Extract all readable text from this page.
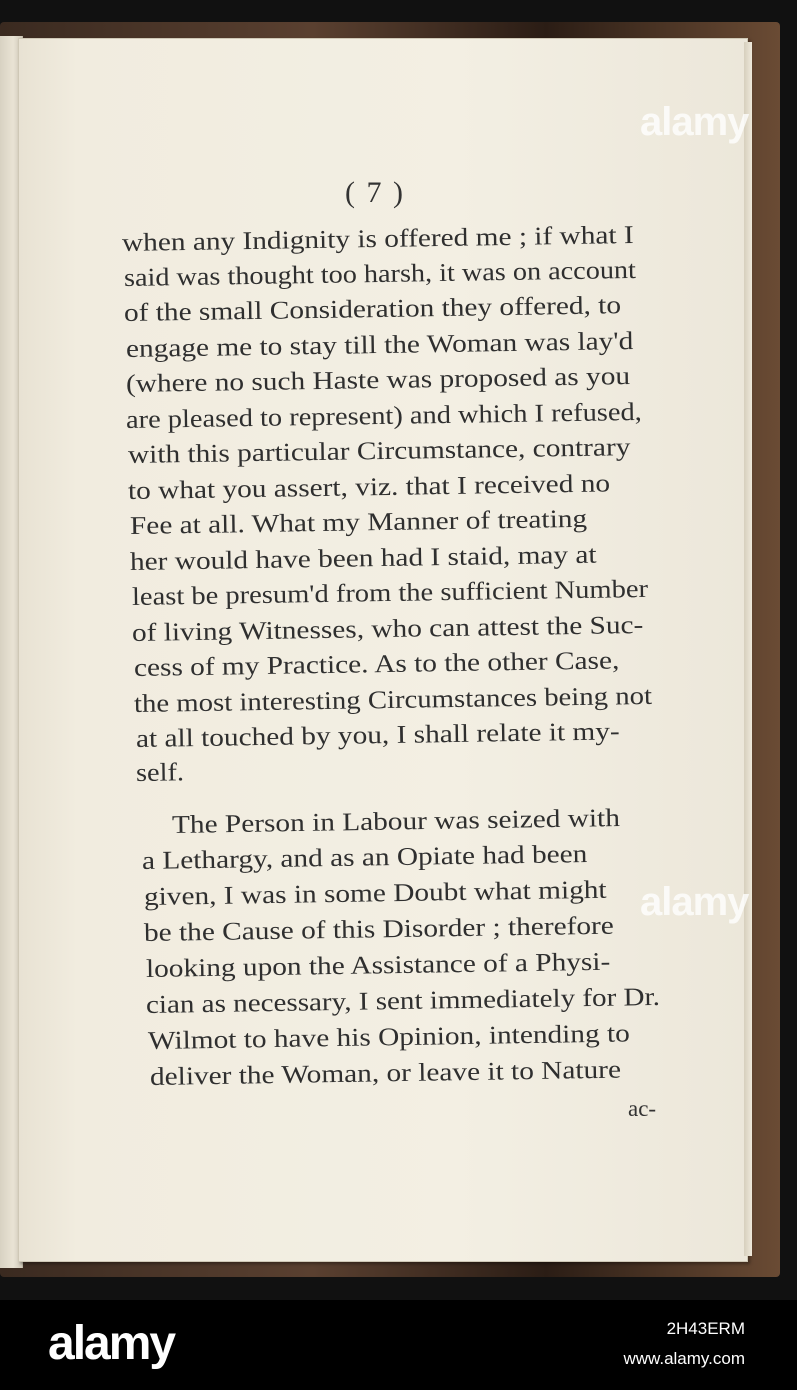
( 7 )
when any Indignity is offered me ; if what I
said was thought too harsh, it was on account
of the small Consideration they offered, to
engage me to stay till the Woman was lay'd
(where no such Haste was proposed as you
are pleased to represent) and which I refused,
with this particular Circumstance, contrary
to what you assert, viz. that I received no
Fee at all. What my Manner of treating
her would have been had I staid, may at
least be presum'd from the sufficient Number
of living Witnesses, who can attest the Suc-
cess of my Practice. As to the other Case,
the most interesting Circumstances being not
at all touched by you, I shall relate it my-
self.
The Person in Labour was seized with
a Lethargy, and as an Opiate had been
given, I was in some Doubt what might
be the Cause of this Disorder ; therefore
looking upon the Assistance of a Physi-
cian as necessary, I sent immediately for Dr.
Wilmot to have his Opinion, intending to
deliver the Woman, or leave it to Nature
ac-
alamy
alamy
alamy	2H43ERM
www.alamy.com
